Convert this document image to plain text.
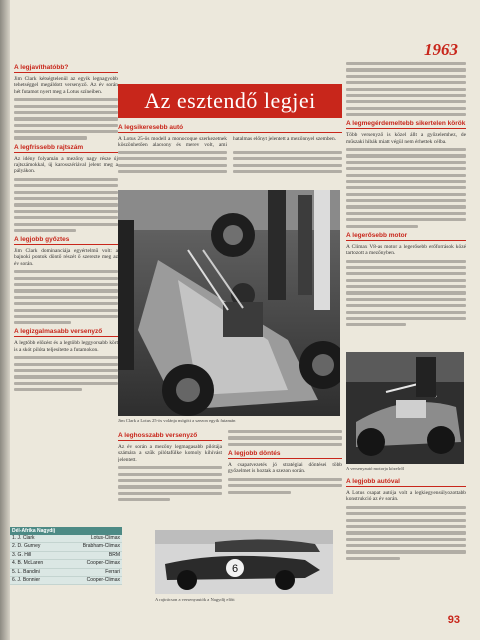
1963
Az esztendő legjei
A legjavíthatóbb?
Jim Clark kétségtelenül az egyik legnagyobb tehetséggel megáldott versenyző. Az év során hét futamot nyert meg a Lotus színeiben.
A legfrissebb rajtszám
Az idény folyamán a mezőny nagy része új rajtszámokkal, új karosszériával jelent meg a pályákon.
A legjobb győztes
Jim Clark dominanciája egyértelmű volt: a bajnoki pontok döntő részét ő szerezte meg az év során.
A legizgalmasabb versenyző
A legtöbb előzést és a legtöbb leggyorsabb kört is a skót pilóta teljesítette a futamokon.
Dél-Afrika Nagydíj
1. J. Clark	Lotus-Climax
2. D. Gurney	Brabham-Climax
3. G. Hill	BRM
4. B. McLaren	Cooper-Climax
5. L. Bandini	Ferrari
6. J. Bonnier	Cooper-Climax
A legsikeresebb autó
A Lotus 25-ös modell a monocoque szerkezetnek köszönhetően alacsony és merev volt, ami hatalmas előnyt jelentett a mezőnnyel szemben.
Jim Clark a Lotus 25-ös volánja mögött a szezon egyik futamán
A leghosszabb versenyző
Az év során a mezőny legmagasabb pilótája számára a szűk pilótafülke komoly kihívást jelentett.
A legjobb döntés
A csapatvezetés jó stratégiai döntései több győzelmet is hoztak a szezon során.
6
A rajtrácson a versenyautók a Nagydíj előtt
A legmegérdemeltebb sikertelen körök
Több versenyző is közel állt a győzelemhez, de műszaki hibák miatt végül nem érhettek célba.
A legerősebb motor
A Climax V8-as motor a legerősebb erőforrások közé tartozott a mezőnyben.
A versenyautó motorja közelről
A legjobb autóval
A Lotus csapat autója volt a legkiegyensúlyozottabb konstrukció az év során.
93
